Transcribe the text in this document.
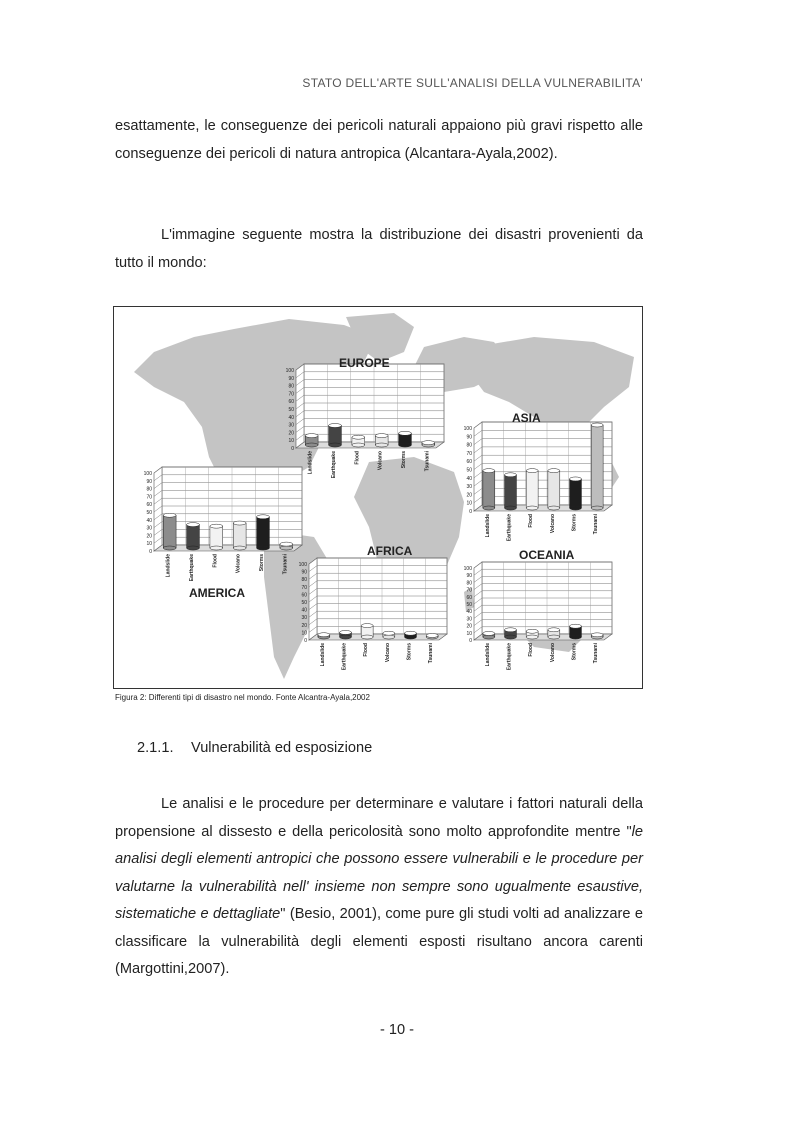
STATO DELL'ARTE SULL'ANALISI DELLA VULNERABILITA'

esattamente, le conseguenze dei pericoli naturali appaiono più gravi rispetto alle conseguenze dei pericoli di natura antropica (Alcantara-Ayala,2002).

L'immagine seguente mostra la distribuzione dei disastri provenienti da tutto il mondo:

0
10
20
30
40
50
60
70
80
90
100
Landslide	Earthquake	Flood	Volcano	Storms	Tsunami
EUROPE
0
10
20
30
40
50
60
70
80
90
100
Landslide	Earthquake	Flood	Volcano	Storms	Tsunami
ASIA
0
10
20
30
40
50
60
70
80
90
100
Landslide	Earthquake	Flood	Volcano	Storms	Tsunami
AMERICA
0
10
20
30
40
50
60
70
80
90
100
Landslide	Earthquake	Flood	Volcano	Storms	Tsunami
AFRICA
0
10
20
30
40
50
60
70
80
90
100
Landslide	Earthquake	Flood	Volcano	Storms	Tsunami
OCEANIA
Figura 2: Differenti tipi di disastro nel mondo. Fonte Alcantra-Ayala,2002
2.1.1. Vulnerabilità ed esposizione

Le analisi e le procedure per determinare e valutare i fattori naturali della propensione al dissesto e della pericolosità sono molto approfondite mentre "le analisi degli elementi antropici che possono essere vulnerabili e le procedure per valutarne la vulnerabilità nell' insieme non sempre sono ugualmente esaustive, sistematiche e dettagliate" (Besio, 2001), come pure gli studi volti ad analizzare e classificare la vulnerabilità degli elementi esposti risultano ancora carenti (Margottini,2007).

- 10 -
